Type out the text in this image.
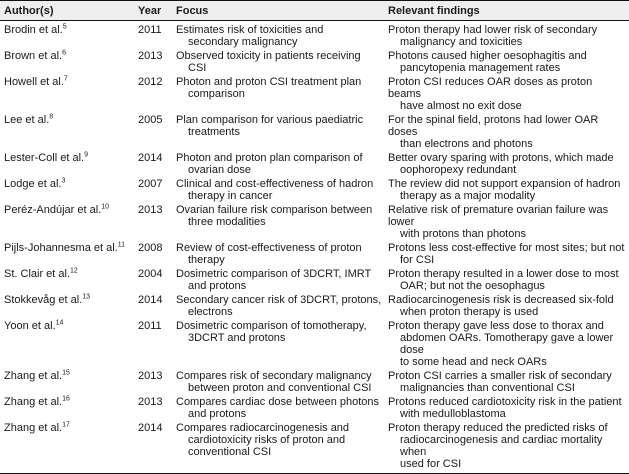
Author(s)	Year	Focus	Relevant findings
Brodin et al.$^5$	2011	Estimates risk of toxicities and
secondary malignancy	Proton therapy had lower risk of secondary
malignancy and toxicities

Brown et al.$^6$	2013	Observed toxicity in patients receiving
CSI	Photons caused higher oesophagitis and
pancytopenia management rates

Howell et al.$^7$	2012	Photon and proton CSI treatment plan
comparison	Proton CSI reduces OAR doses as proton beams
have almost no exit dose

Lee et al.$^8$	2005	Plan comparison for various paediatric
treatments	For the spinal field, protons had lower OAR doses
than electrons and photons

Lester-Coll et al.$^9$	2014	Photon and proton plan comparison of
ovarian dose	Better ovary sparing with protons, which made
oophoropexy redundant

Lodge et al.$^3$	2007	Clinical and cost-effectiveness of hadron
therapy in cancer	The review did not support expansion of hadron
therapy as a major modality

Peréz-Andújar et al.$^{10}$	2013	Ovarian failure risk comparison between
three modalities	Relative risk of premature ovarian failure was lower
with protons than photons

Pijls-Johannesma et al.$^{11}$	2008	Review of cost-effectiveness of proton
therapy	Protons less cost-effective for most sites; but not
for CSI

St. Clair et al.$^{12}$	2004	Dosimetric comparison of 3DCRT, IMRT
and protons	Proton therapy resulted in a lower dose to most
OAR; but not the oesophagus

Stokkevåg et al.$^{13}$	2014	Secondary cancer risk of 3DCRT, protons,
electrons	Radiocarcinogenesis risk is decreased six-fold
when proton therapy is used

Yoon et al.$^{14}$	2011	Dosimetric comparison of tomotherapy,
3DCRT and protons	Proton therapy gave less dose to thorax and
abdomen OARs. Tomotherapy gave a lower dose
to some head and neck OARs

Zhang et al.$^{15}$	2013	Compares risk of secondary malignancy
between proton and conventional CSI	Proton CSI carries a smaller risk of secondary
malignancies than conventional CSI

Zhang et al.$^{16}$	2013	Compares cardiac dose between photons
and protons	Protons reduced cardiotoxicity risk in the patient
with medulloblastoma

Zhang et al.$^{17}$	2014	Compares radiocarcinogenesis and
cardiotoxicity risks of proton and
conventional CSI	Proton therapy reduced the predicted risks of
radiocarcinogenesis and cardiac mortality when
used for CSI
